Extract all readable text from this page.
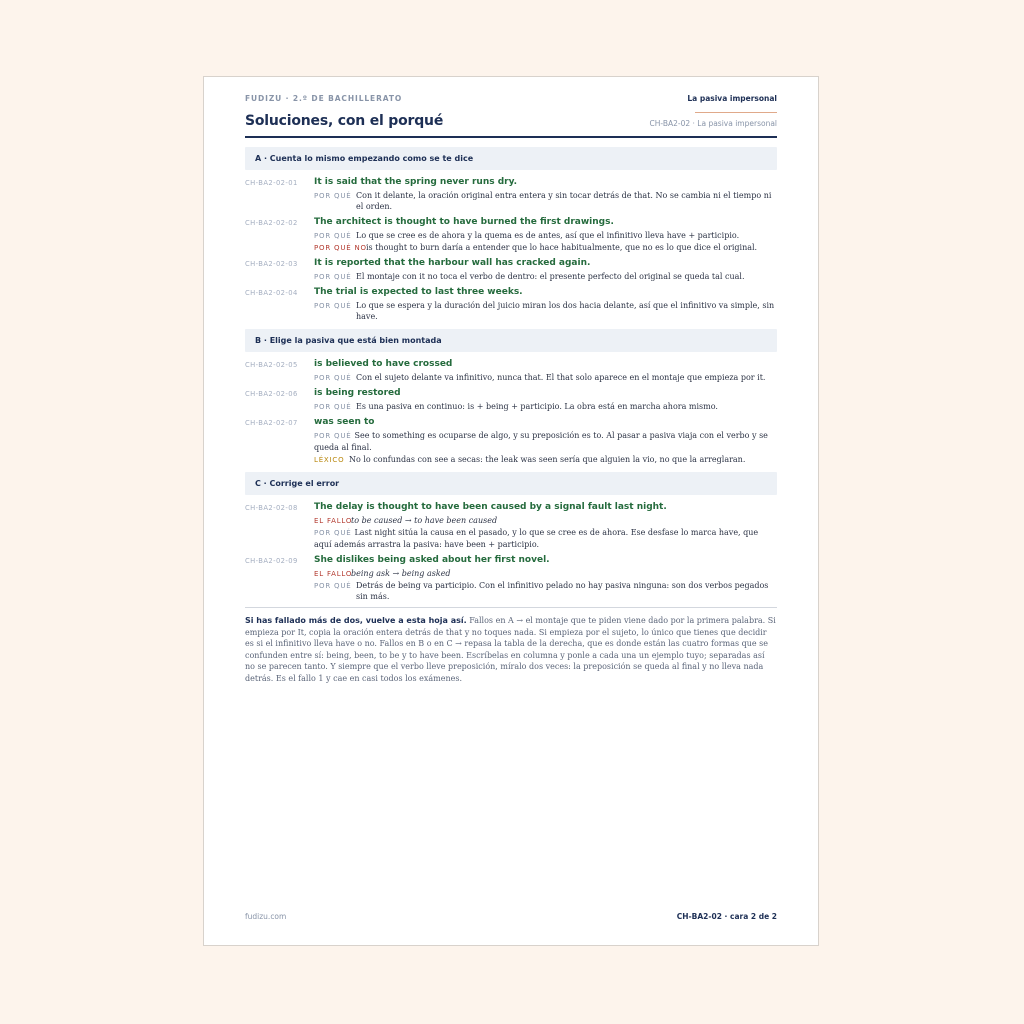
FUDIZU · 2.º DE BACHILLERATO	La pasiva impersonal
Soluciones, con el porqué	CH-BA2-02 · La pasiva impersonal
A · Cuenta lo mismo empezando como se te dice
CH-BA2-02-01 It is said that the spring never runs dry.
POR QUÉ Con it delante, la oración original entra entera y sin tocar detrás de that. No se cambia ni el tiempo ni el orden.
CH-BA2-02-02 The architect is thought to have burned the first drawings.
POR QUÉ Lo que se cree es de ahora y la quema es de antes, así que el infinitivo lleva have + participio.
POR QUÉ NO is thought to burn daría a entender que lo hace habitualmente, que no es lo que dice el original.
CH-BA2-02-03 It is reported that the harbour wall has cracked again.
POR QUÉ El montaje con it no toca el verbo de dentro: el presente perfecto del original se queda tal cual.
CH-BA2-02-04 The trial is expected to last three weeks.
POR QUÉ Lo que se espera y la duración del juicio miran los dos hacia delante, así que el infinitivo va simple, sin have.
B · Elige la pasiva que está bien montada
CH-BA2-02-05 is believed to have crossed
POR QUÉ Con el sujeto delante va infinitivo, nunca that. El that solo aparece en el montaje que empieza por it.
CH-BA2-02-06 is being restored
POR QUÉ Es una pasiva en continuo: is + being + participio. La obra está en marcha ahora mismo.
CH-BA2-02-07 was seen to
POR QUÉ See to something es ocuparse de algo, y su preposición es to. Al pasar a pasiva viaja con el verbo y se queda al final.
LÉXICO No lo confundas con see a secas: the leak was seen sería que alguien la vio, no que la arreglaran.
C · Corrige el error
CH-BA2-02-08 The delay is thought to have been caused by a signal fault last night.
EL FALLO
to be caused → to have been caused
POR QUÉ Last night sitúa la causa en el pasado, y lo que se cree es de ahora. Ese desfase lo marca have, que aquí además arrastra la pasiva: have been + participio.
CH-BA2-02-09 She dislikes being asked about her first novel.
EL FALLO
being ask → being asked
POR QUÉ Detrás de being va participio. Con el infinitivo pelado no hay pasiva ninguna: son dos verbos pegados sin más.
Si has fallado más de dos, vuelve a esta hoja así. Fallos en A → el montaje que te piden viene dado por la primera palabra. Si empieza por It, copia la oración entera detrás de that y no toques nada. Si empieza por el sujeto, lo único que tienes que decidir es si el infinitivo lleva have o no. Fallos en B o en C → repasa la tabla de la derecha, que es donde están las cuatro formas que se confunden entre sí: being, been, to be y to have been. Escríbelas en columna y ponle a cada una un ejemplo tuyo; separadas así no se parecen tanto. Y siempre que el verbo lleve preposición, míralo dos veces: la preposición se queda al final y no lleva nada detrás. Es el fallo 1 y cae en casi todos los exámenes.
fudizu.com	CH-BA2-02 · cara 2 de 2
